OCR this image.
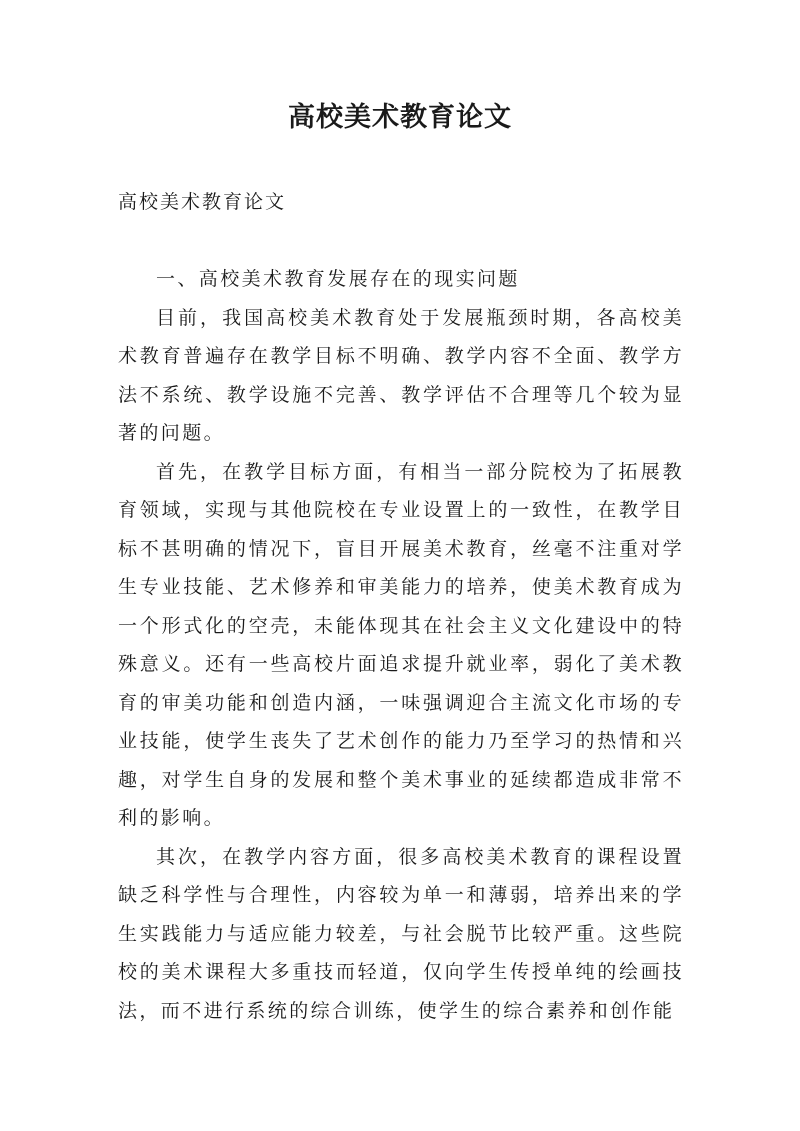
高校美术教育论文
高校美术教育论文

一、高校美术教育发展存在的现实问题

目前，我国高校美术教育处于发展瓶颈时期，各高校美术教育普遍存在教学目标不明确、教学内容不全面、教学方法不系统、教学设施不完善、教学评估不合理等几个较为显著的问题。

首先，在教学目标方面，有相当一部分院校为了拓展教育领域，实现与其他院校在专业设置上的一致性，在教学目标不甚明确的情况下，盲目开展美术教育，丝毫不注重对学生专业技能、艺术修养和审美能力的培养，使美术教育成为一个形式化的空壳，未能体现其在社会主义文化建设中的特殊意义。还有一些高校片面追求提升就业率，弱化了美术教育的审美功能和创造内涵，一味强调迎合主流文化市场的专业技能，使学生丧失了艺术创作的能力乃至学习的热情和兴趣，对学生自身的发展和整个美术事业的延续都造成非常不利的影响。

其次，在教学内容方面，很多高校美术教育的课程设置缺乏科学性与合理性，内容较为单一和薄弱，培养出来的学生实践能力与适应能力较差，与社会脱节比较严重。这些院校的美术课程大多重技而轻道，仅向学生传授单纯的绘画技法，而不进行系统的综合训练，使学生的综合素养和创作能
